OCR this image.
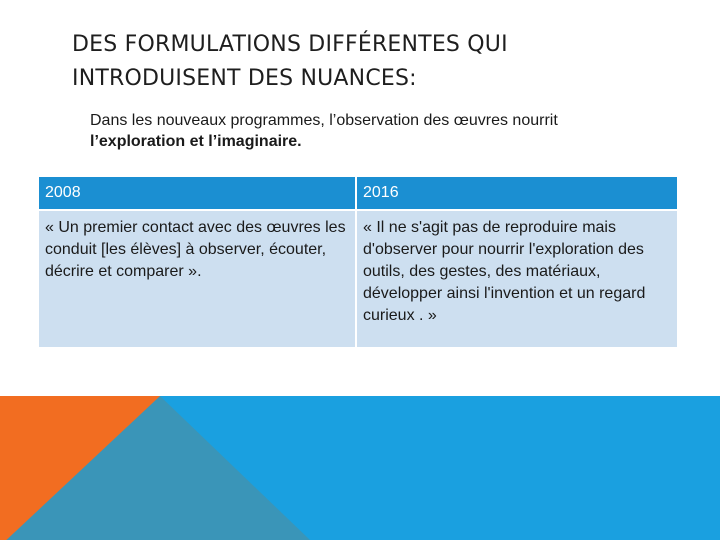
DES FORMULATIONS DIFFÉRENTES QUI INTRODUISENT DES NUANCES:
Dans les nouveaux programmes, l’observation des œuvres nourrit l’exploration et l’imaginaire.
2008	2016
« Un premier contact avec des œuvres les conduit [les élèves] à observer, écouter, décrire et comparer ».	« Il ne s'agit pas de reproduire mais d'observer pour nourrir l'exploration des outils, des gestes, des matériaux, développer ainsi l'invention et un regard curieux . »
